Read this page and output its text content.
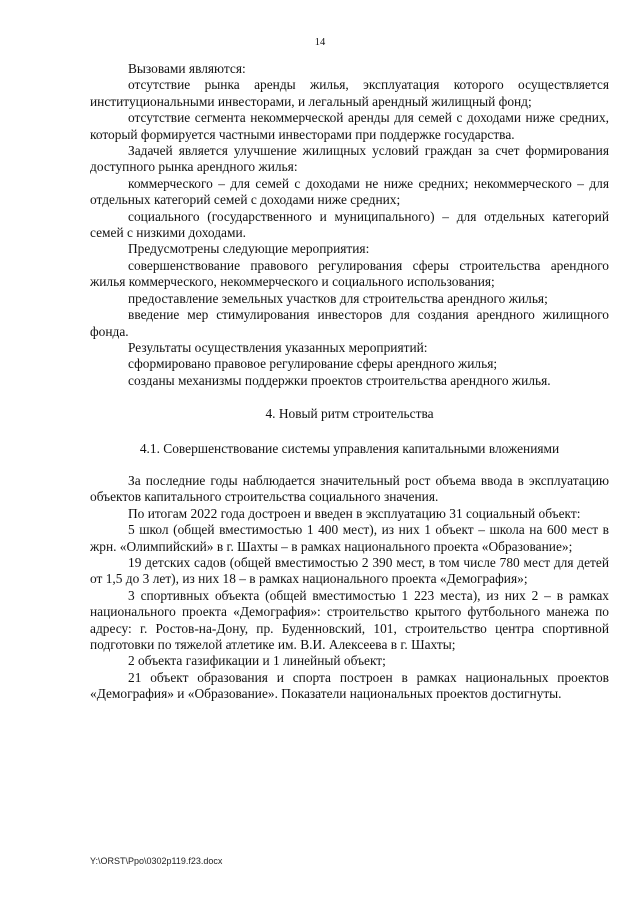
14

Вызовами являются:

отсутствие рынка аренды жилья, эксплуатация которого осуществляется институциональными инвесторами, и легальный арендный жилищный фонд;

отсутствие сегмента некоммерческой аренды для семей с доходами ниже средних, который формируется частными инвесторами при поддержке государства.

Задачей является улучшение жилищных условий граждан за счет формирования доступного рынка арендного жилья:

коммерческого – для семей с доходами не ниже средних; некоммерческого – для отдельных категорий семей с доходами ниже средних;

социального (государственного и муниципального) – для отдельных категорий семей с низкими доходами.

Предусмотрены следующие мероприятия:

совершенствование правового регулирования сферы строительства арендного жилья коммерческого, некоммерческого и социального использования;

предоставление земельных участков для строительства арендного жилья;

введение мер стимулирования инвесторов для создания арендного жилищного фонда.

Результаты осуществления указанных мероприятий:

сформировано правовое регулирование сферы арендного жилья;

созданы механизмы поддержки проектов строительства арендного жилья.

4. Новый ритм строительства
4.1. Совершенствование системы управления капитальными вложениями

За последние годы наблюдается значительный рост объема ввода в эксплуатацию объектов капитального строительства социального значения.

По итогам 2022 года достроен и введен в эксплуатацию 31 социальный объект:

5 школ (общей вместимостью 1 400 мест), из них 1 объект – школа на 600 мест в жрн. «Олимпийский» в г. Шахты – в рамках национального проекта «Образование»;

19 детских садов (общей вместимостью 2 390 мест, в том числе 780 мест для детей от 1,5 до 3 лет), из них 18 – в рамках национального проекта «Демография»;

3 спортивных объекта (общей вместимостью 1 223 места), из них 2 – в рамках национального проекта «Демография»: строительство крытого футбольного манежа по адресу: г. Ростов-на-Дону, пр. Буденновский, 101, строительство центра спортивной подготовки по тяжелой атлетике им. В.И. Алексеева в г. Шахты;

2 объекта газификации и 1 линейный объект;

21 объект образования и спорта построен в рамках национальных проектов «Демография» и «Образование». Показатели национальных проектов достигнуты.

Y:\ORST\Ppo\0302p119.f23.docx
